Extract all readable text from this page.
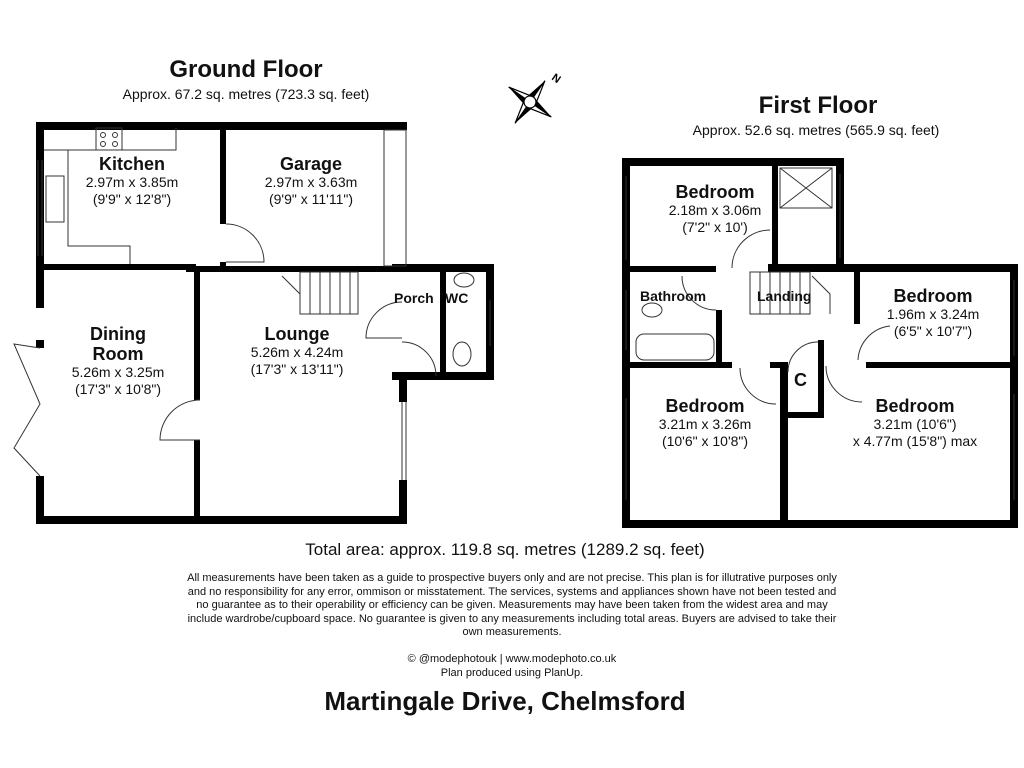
N
Ground Floor
Approx. 67.2 sq. metres (723.3 sq. feet)
Kitchen
2.97m x 3.85m
(9'9" x 12'8")
Garage
2.97m x 3.63m
(9'9" x 11'11")
Dining
Room
5.26m x 3.25m
(17'3" x 10'8")
Lounge
5.26m x 4.24m
(17'3" x 13'11")
Porch WC
First Floor
Approx. 52.6 sq. metres (565.9 sq. feet)
Bedroom
2.18m x 3.06m
(7'2" x 10')
Bathroom	Landing	Bedroom
1.96m x 3.24m
(6'5" x 10'7")
Bedroom
3.21m x 3.26m
(10'6" x 10'8")
C
Bedroom
3.21m (10'6")
x 4.77m (15'8") max
Total area: approx. 119.8 sq. metres (1289.2 sq. feet)
All measurements have been taken as a guide to prospective buyers only and are not precise. This plan is for illutrative purposes only
and no responsibility for any error, ommison or misstatement. The services, systems and appliances shown have not been tested and
no guarantee as to their operability or efficiency can be given. Measurements may have been taken from the widest area and may
include wardrobe/cupboard space. No guarantee is given to any measurements including total areas. Buyers are advised to take their
own measurements.
© @modephotouk | www.modephoto.co.uk
Plan produced using PlanUp.
Martingale Drive, Chelmsford
